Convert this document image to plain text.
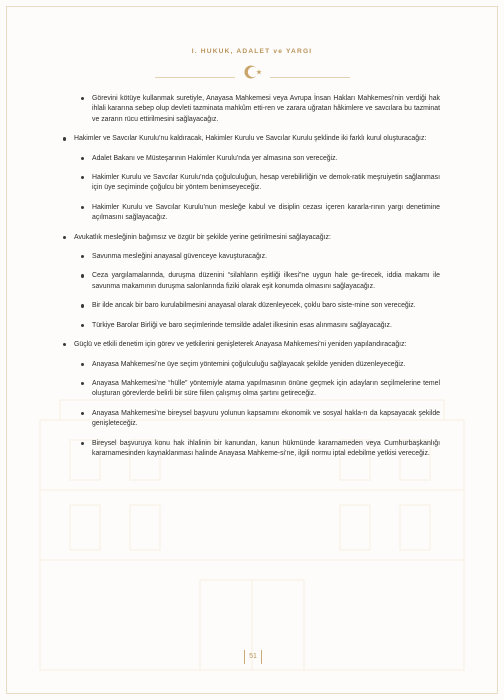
I. HUKUK, ADALET ve YARGI

Görevini kötüye kullanmak suretiyle, Anayasa Mahkemesi veya Avrupa İnsan Hakları Mahkemesi’nin verdiği hak ihlali kararına sebep olup devleti tazminata mahkûm etti-ren ve zarara uğratan hâkimlere ve savcılara bu tazminat ve zararın rücu ettirilmesini sağlayacağız.

Hakimler ve Savcılar Kurulu’nu kaldıracak, Hakimler Kurulu ve Savcılar Kurulu şeklinde iki farklı kurul oluşturacağız:

Adalet Bakanı ve Müsteşarının Hakimler Kurulu’nda yer almasına son vereceğiz.

Hakimler Kurulu ve Savcılar Kurulu’nda çoğulculuğun, hesap verebilirliğin ve demok-ratik meşruiyetin sağlanması için üye seçiminde çoğulcu bir yöntem benimseyeceğiz.

Hakimler Kurulu ve Savcılar Kurulu’nun mesleğe kabul ve disiplin cezası içeren kararla-rının yargı denetimine açılmasını sağlayacağız.

Avukatlık mesleğinin bağımsız ve özgür bir şekilde yerine getirilmesini sağlayacağız:

Savunma mesleğini anayasal güvenceye kavuşturacağız.

Ceza yargılamalarında, duruşma düzenini “silahların eşitliği ilkesi”ne uygun hale ge-tirecek, iddia makamı ile savunma makamının duruşma salonlarında fiziki olarak eşit konumda olmasını sağlayacağız.

Bir ilde ancak bir baro kurulabilmesini anayasal olarak düzenleyecek, çoklu baro siste-mine son vereceğiz.

Türkiye Barolar Birliği ve baro seçimlerinde temsilde adalet ilkesinin esas alınmasını sağlayacağız.

Güçlü ve etkili denetim için görev ve yetkilerini genişleterek Anayasa Mahkemesi’ni yeniden yapılandıracağız:

Anayasa Mahkemesi’ne üye seçim yöntemini çoğulculuğu sağlayacak şekilde yeniden düzenleyeceğiz.

Anayasa Mahkemesi’ne “hülle” yöntemiyle atama yapılmasının önüne geçmek için adayların seçilmelerine temel oluşturan görevlerde belirli bir süre fiilen çalışmış olma şartını getireceğiz.

Anayasa Mahkemesi’ne bireysel başvuru yolunun kapsamını ekonomik ve sosyal hakla-rı da kapsayacak şekilde genişleteceğiz.

Bireysel başvuruya konu hak ihlalinin bir kanundan, kanun hükmünde kararnameden veya Cumhurbaşkanlığı kararnamesinden kaynaklanması halinde Anayasa Mahkeme-si’ne, ilgili normu iptal edebilme yetkisi vereceğiz.

51
